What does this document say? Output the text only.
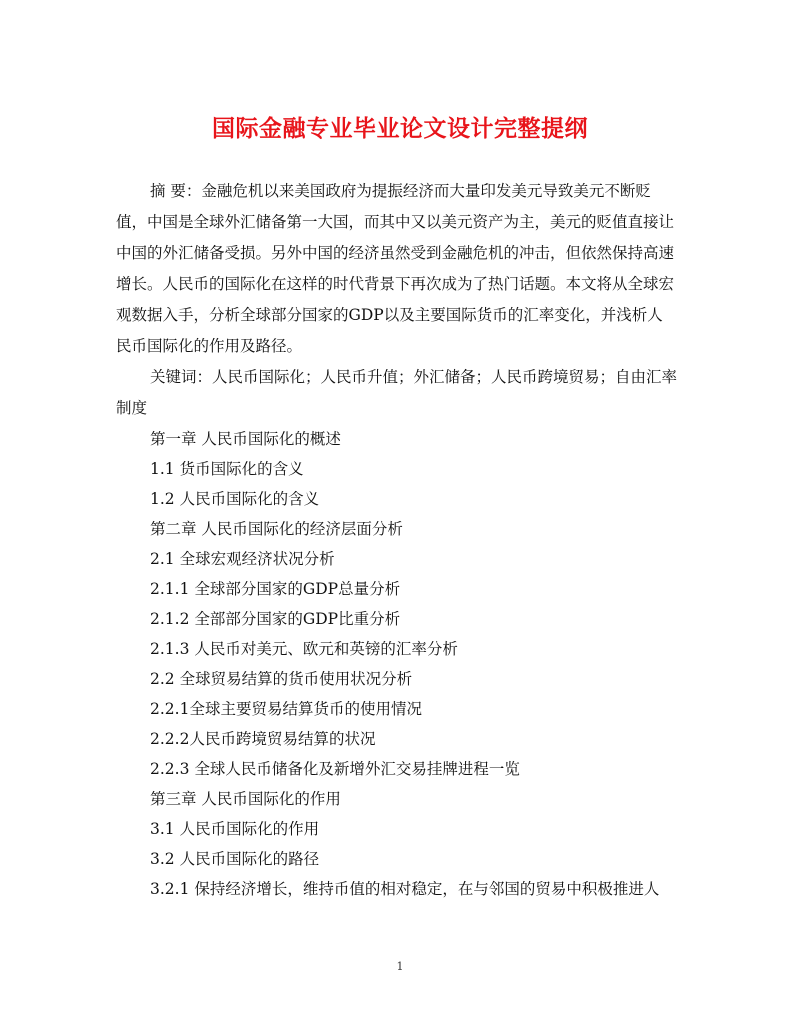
国际金融专业毕业论文设计完整提纲

摘 要：金融危机以来美国政府为提振经济而大量印发美元导致美元不断贬值，中国是全球外汇储备第一大国，而其中又以美元资产为主，美元的贬值直接让中国的外汇储备受损。另外中国的经济虽然受到金融危机的冲击，但依然保持高速增长。人民币的国际化在这样的时代背景下再次成为了热门话题。本文将从全球宏观数据入手，分析全球部分国家的GDP以及主要国际货币的汇率变化，并浅析人民币国际化的作用及路径。

关键词：人民币国际化；人民币升值；外汇储备；人民币跨境贸易；自由汇率制度

第一章 人民币国际化的概述

1.1 货币国际化的含义

1.2 人民币国际化的含义

第二章 人民币国际化的经济层面分析

2.1 全球宏观经济状况分析

2.1.1 全球部分国家的GDP总量分析

2.1.2 全部部分国家的GDP比重分析

2.1.3 人民币对美元、欧元和英镑的汇率分析

2.2 全球贸易结算的货币使用状况分析

2.2.1全球主要贸易结算货币的使用情况

2.2.2人民币跨境贸易结算的状况

2.2.3 全球人民币储备化及新增外汇交易挂牌进程一览

第三章 人民币国际化的作用

3.1 人民币国际化的作用

3.2 人民币国际化的路径

3.2.1 保持经济增长，维持币值的相对稳定，在与邻国的贸易中积极推进人

1
